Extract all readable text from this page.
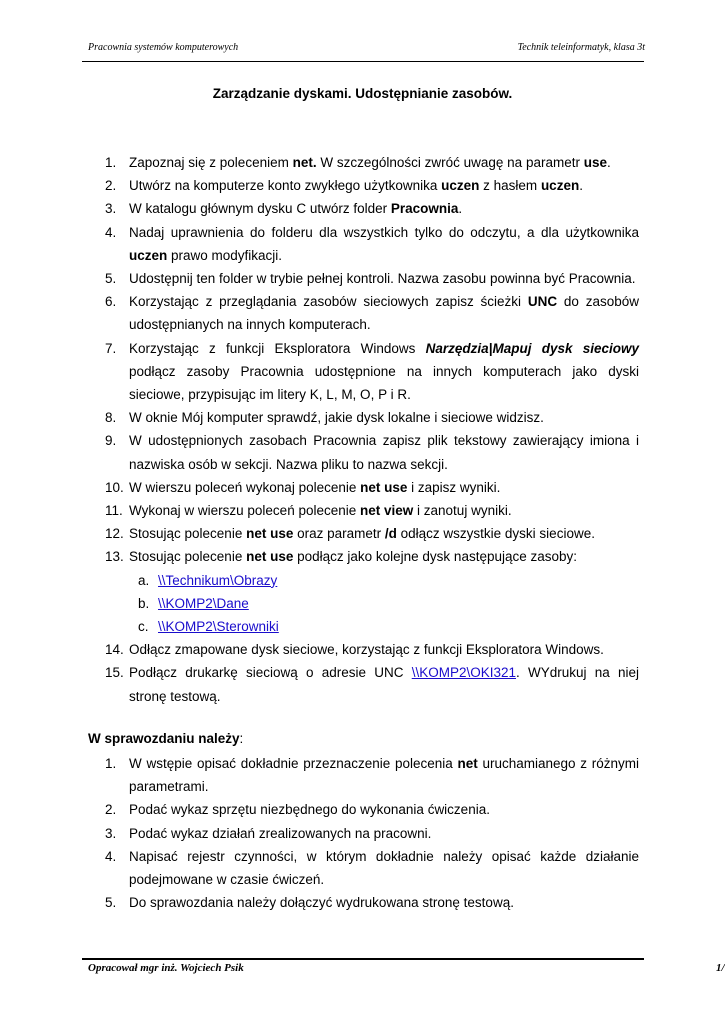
Pracownia systemów komputerowych	Technik teleinformatyk, klasa 3t
Zarządzanie dyskami. Udostępnianie zasobów.
1. Zapoznaj się z poleceniem net. W szczególności zwróć uwagę na parametr use.
2. Utwórz na komputerze konto zwykłego użytkownika uczen z hasłem uczen.
3. W katalogu głównym dysku C utwórz folder Pracownia.
4. Nadaj uprawnienia do folderu dla wszystkich tylko do odczytu, a dla użytkownika uczen prawo modyfikacji.
5. Udostępnij ten folder w trybie pełnej kontroli. Nazwa zasobu powinna być Pracownia.
6. Korzystając z przeglądania zasobów sieciowych zapisz ścieżki UNC do zasobów udostępnianych na innych komputerach.
7. Korzystając z funkcji Eksploratora Windows Narzędzia|Mapuj dysk sieciowy podłącz zasoby Pracownia udostępnione na innych komputerach jako dyski sieciowe, przypisując im litery K, L, M, O, P i R.
8. W oknie Mój komputer sprawdź, jakie dysk lokalne i sieciowe widzisz.
9. W udostępnionych zasobach Pracownia zapisz plik tekstowy zawierający imiona i nazwiska osób w sekcji. Nazwa pliku to nazwa sekcji.
10. W wierszu poleceń wykonaj polecenie net use i zapisz wyniki.
11. Wykonaj w wierszu poleceń polecenie net view i zanotuj wyniki.
12. Stosując polecenie net use oraz parametr /d odłącz wszystkie dyski sieciowe.
13. Stosując polecenie net use podłącz jako kolejne dysk następujące zasoby:
a. \\Technikum\Obrazy
b. \\KOMP2\Dane
c. \\KOMP2\Sterowniki
14. Odłącz zmapowane dysk sieciowe, korzystając z funkcji Eksploratora Windows.
15. Podłącz drukarkę sieciową o adresie UNC \\KOMP2\OKI321. WYdrukuj na niej stronę testową.
W sprawozdaniu należy:
1. W wstępie opisać dokładnie przeznaczenie polecenia net uruchamianego z różnymi parametrami.
2. Podać wykaz sprzętu niezbędnego do wykonania ćwiczenia.
3. Podać wykaz działań zrealizowanych na pracowni.
4. Napisać rejestr czynności, w którym dokładnie należy opisać każde działanie podejmowane w czasie ćwiczeń.
5. Do sprawozdania należy dołączyć wydrukowana stronę testową.
Opracował mgr inż. Wojciech Psik	1/
